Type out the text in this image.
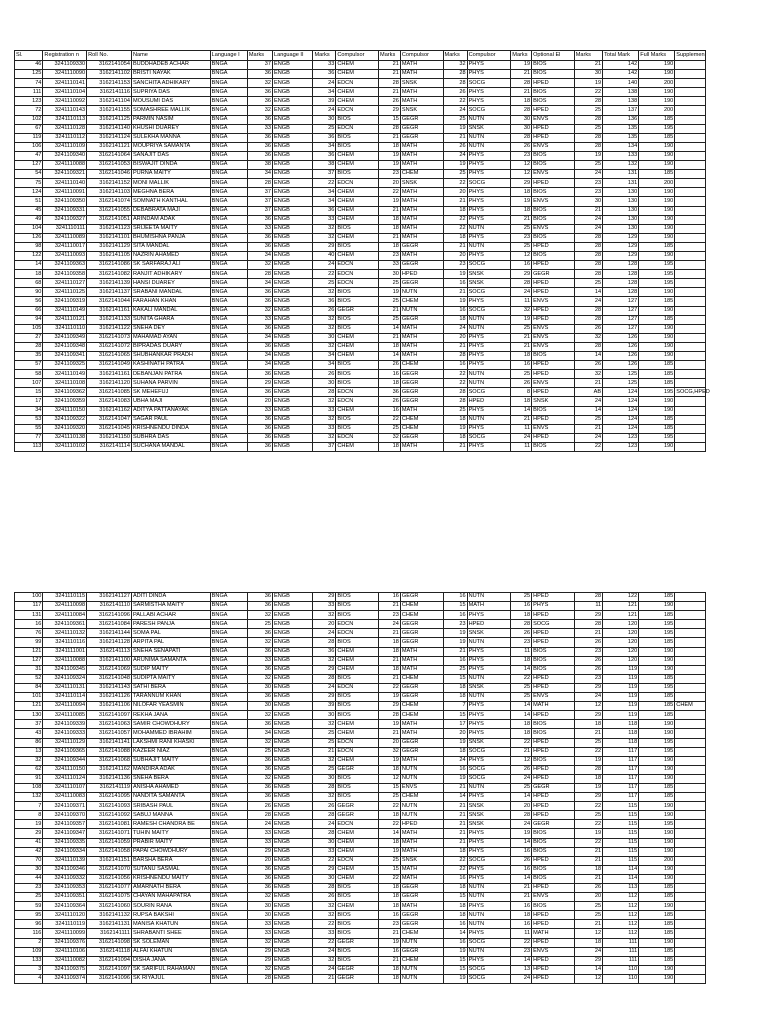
Sl.	Registration n	Roll No.	Name	Language I	Marks	Language II	Marks	Compulsor	Marks	Compulsor	Marks	Compulsor	Marks	Optional El	Marks	Total Mark	Full Marks	Supplemen
46	3241109330	3162141054	BUDDHADEB ACHAR	BNGA	37	ENGB	33	CHEM	21	MATH	32	PHYS	19	BIOS	21	142	190	
125	3241110090	3162141102	BRISTI NAYAK	BNGA	36	ENGB	36	CHEM	21	MATH	28	PHYS	21	BIOS	30	142	190	
74	3241110141	3162141153	SANCHITA ADHIKARY	BNGA	32	ENGB	24	EDCN	28	SNSK	28	SOCG	28	HPED	19	140	200	
111	3241110104	3162141116	SUPRIYA DAS	BNGA	36	ENGB	34	CHEM	21	MATH	26	PHYS	21	BIOS	22	138	190	
123	3241110092	3162141104	MOUSUMI DAS	BNGA	36	ENGB	39	CHEM	26	MATH	22	PHYS	18	BIOS	28	138	190	
72	3241110143	3162141155	SOMASHREE MALLIK	BNGA	32	ENGB	24	EDCN	29	SNSK	24	SOCG	28	HPED	25	137	200	
102	3241110113	3162141125	PARMIN NASIM	BNGA	36	ENGB	30	BIOS	15	GEGR	25	NUTN	30	ENVS	28	136	185	
67	3241110128	3162141140	KHUSHI DUAREY	BNGA	33	ENGB	25	EDCN	28	GEGR	19	SNSK	30	HPED	25	135	195	
119	3241110112	3162141124	SULEKHA MANNA	BNGA	36	ENGB	36	BIOS	21	GEGR	21	NUTN	28	HPED	28	135	185	
106	3241110109	3162141121	MOUPRIYA SAMANTA	BNGA	36	ENGB	34	BIOS	18	MATH	26	NUTN	26	ENVS	28	134	190	
47	3241109340	3162141064	SANAJIT DAS	BNGA	36	ENGB	36	CHEM	19	MATH	24	PHYS	23	BIOS	19	133	190	
127	3241110088	3162141053	BISWAJIT DINDA	BNGA	38	ENGB	38	CHEM	19	MATH	19	PHYS	12	BIOS	25	132	190	
54	3241109321	3162141046	PURNA MAITY	BNGA	34	ENGB	37	BIOS	23	CHEM	25	PHYS	12	ENVS	24	131	185	
75	3241110140	3162141152	MONI MALLIK	BNGA	28	ENGB	22	EDCN	20	SNSK	22	SOCG	29	HPED	23	131	200	
124	3241110091	3162141103	MEGHNA BERA	BNGA	37	ENGB	34	CHEM	22	MATH	20	PHYS	18	BIOS	23	130	190	
51	3241109350	3162141074	SOMNATH KANTHAL	BNGA	37	ENGB	34	CHEM	19	MATH	21	PHYS	19	ENVS	30	130	190	
45	3241109331	3162141055	DEBABRATA MAJI	BNGA	37	ENGB	36	CHEM	21	MATH	18	PHYS	18	BIOS	21	130	190	
49	3241109327	3162141051	ARINDAM ADAK	BNGA	36	ENGB	33	CHEM	18	MATH	22	PHYS	21	BIOS	24	130	190	
104	3241110111	3162141123	SRIJEETA MAITY	BNGA	33	ENGB	32	BIOS	18	MATH	22	NUTN	25	ENVS	24	130	190	
126	3241110089	3162141101	BHUMISHNA PANJA	BNGA	36	ENGB	32	CHEM	21	MATH	18	PHYS	23	BIOS	28	129	190	
98	3241110017	3162141129	SITA MANDAL	BNGA	36	ENGB	29	BIOS	18	GEGR	21	NUTN	25	HPED	28	129	185	
122	3241110093	3162141105	NAZRIN AHAMED	BNGA	34	ENGB	40	CHEM	23	MATH	20	PHYS	12	BIOS	28	129	190	
14	3241109363	3162141086	SK SARFARAJ ALI	BNGA	32	ENGB	24	EDCN	33	GEGR	23	SOCG	16	HPED	28	128	195	
18	3241109358	3162141082	RANJIT ADHIKARY	BNGA	28	ENGB	22	EDCN	30	HPED	19	SNSK	29	GEGR	28	128	195	
68	3241110127	3162141139	HANSI DUAREY	BNGA	34	ENGB	25	EDCN	25	GEGR	16	SNSK	28	HPED	25	128	195	
90	3241110125	3162141137	SRABANI MANDAL	BNGA	36	ENGB	32	BIOS	19	NUTN	21	SOCG	24	HPED	14	128	190	
56	3241109319	3162141044	FARAHAN KHAN	BNGA	36	ENGB	36	BIOS	25	CHEM	19	PHYS	11	ENVS	24	127	185	
66	3241110149	3162141161	KAKALI MANDAL	BNGA	32	ENGB	26	GEGR	21	NUTN	16	SOCG	32	HPED	28	127	190	
94	3241110121	3162141133	SUNITA GHARA	BNGA	33	ENGB	32	BIOS	25	GEGR	18	NUTN	19	HPED	28	127	185	
105	3241110110	3162141122	SNEHA DEY	BNGA	36	ENGB	32	BIOS	14	MATH	24	NUTN	25	ENVS	26	127	190	
27	3241109349	3162141073	MAHAMAD AYAN	BNGA	34	ENGB	30	CHEM	21	MATH	20	PHYS	21	ENVS	32	126	190	
28	3241109348	3162141072	BIPRADAS DUARY	BNGA	36	ENGB	32	CHEM	18	MATH	21	PHYS	21	ENVS	28	126	190	
35	3241109341	3162141065	SHUBHANKAR PRADH	BNGA	34	ENGB	34	CHEM	14	MATH	28	PHYS	18	BIOS	14	126	190	
57	3241109325	3162141049	KASHINATH PATRA	BNGA	34	ENGB	34	BIOS	26	CHEM	16	PHYS	16	HPED	26	126	185	
58	3241110149	3162141161	DEBANJAN PATRA	BNGA	36	ENGB	26	BIOS	16	GEGR	22	NUTN	25	HPED	32	125	185	
107	3241110108	3162141120	SUHANA PARVIN	BNGA	29	ENGB	30	BIOS	18	GEGR	22	NUTN	26	ENVS	21	125	185	
15	3241109362	3162141085	SK MEHEFUJ	BNGA	36	ENGB	28	EDCN	36	GEGR	28	SOCG	8	HPED	AB	124	195	SOCG,HPED
17	3241109359	3162141083	UBHA MAJI	BNGA	20	ENGB	32	EDCN	26	GEGR	28	HPED	18	SNSK	24	124	190	
34	3241110150	3162141162	ADITYA PATTANAYAK	BNGA	33	ENGB	33	CHEM	16	MATH	25	PHYS	14	BIOS	14	124	190	
53	3241109322	3162141047	SAGAR PAUL	BNGA	36	ENGB	32	BIOS	22	CHEM	18	NUTN	21	HPED	25	124	185	
55	3241109320	3162141045	KRISHNENDU DINDA	BNGA	36	ENGB	33	BIOS	25	CHEM	19	PHYS	11	ENVS	21	124	185	
77	3241110138	3162141150	SUBHRA DAS	BNGA	36	ENGB	32	EDCN	32	GEGR	18	SOCG	24	HPED	24	123	195	
113	3241110102	3162141114	SUCHANA MANDAL	BNGA	36	ENGB	37	CHEM	18	MATH	21	PHYS	11	BIOS	22	123	190	
100	3241110115	3162141127	ADITI DINDA	BNGA	36	ENGB	29	BIOS	16	GEGR	16	NUTN	25	HPED	28	122	185	
117	3241110098	3162141110	SARMISTHA MAITY	BNGA	36	ENGB	33	BIOS	21	CHEM	15	MATH	16	PHYS	11	121	190	
131	3241110084	3162141096	PALLABI ACHAR	BNGA	32	ENGB	32	BIOS	23	CHEM	16	PHYS	18	HPED	29	121	185	
16	3241109361	3162141084	PARESH PANJA	BNGA	25	ENGB	20	EDCN	24	GEGR	23	HPED	28	SOCG	28	120	195	
76	3241110132	3162141144	SOMA PAL	BNGA	36	ENGB	24	EDCN	21	GEGR	19	SNSK	26	HPED	21	120	195	
99	3241110116	3162141128	ARPITA PAL	BNGA	32	ENGB	28	BIOS	18	GEGR	19	NUTN	23	HPED	26	120	185	
121	3241111001	3162141113	SNEHA SENAPATI	BNGA	36	ENGB	36	CHEM	18	MATH	21	PHYS	11	BIOS	23	120	190	
127	3241110088	3162141100	ARUNIMA SAMANTA	BNGA	33	ENGB	32	CHEM	21	MATH	16	PHYS	18	BIOS	26	120	190	
31	3241109345	3162141069	SUDIP MAITY	BNGA	36	ENGB	29	CHEM	18	MATH	25	PHYS	14	BIOS	26	119	190	
52	3241109324	3162141048	SUDIPTA MAITY	BNGA	32	ENGB	28	BIOS	21	CHEM	15	NUTN	22	HPED	23	119	185	
84	3241110131	3162141143	SATHI BERA	BNGA	30	ENGB	24	EDCN	22	GEGR	18	SNSK	25	HPED	29	119	195	
101	3241110114	3162141126	TARANNUM KHAN	BNGA	36	ENGB	29	BIOS	19	GEGR	18	NUTN	25	ENVS	24	119	185	
121	3241110094	3162141106	NILOFAR YEASMIN	BNGA	30	ENGB	39	BIOS	29	CHEM	7	PHYS	14	MATH	12	119	185	CHEM
130	3241110085	3162141097	REKHA JANA	BNGA	32	ENGB	30	BIOS	28	CHEM	15	PHYS	14	HPED	29	119	185	
37	3241109339	3162141063	SAMIR CHOWDHURY	BNGA	36	ENGB	32	CHEM	19	MATH	17	PHYS	18	BIOS	18	118	190	
43	3241109333	3162141057	MOHAMMED IBRAHIM	BNGA	34	ENGB	25	CHEM	21	MATH	20	PHYS	18	BIOS	21	118	190	
86	3241110129	3162141141	LAKSHMI RANI KHASKI	BNGA	32	ENGB	25	EDCN	20	GEGR	19	SNSK	22	HPED	25	118	195	
13	3241109365	3162141088	KAZEER NIAZ	BNGA	25	ENGB	21	EDCN	32	GEGR	18	SOCG	21	HPED	22	117	195	
32	3241109344	3162141068	SUBHAJIT MAITY	BNGA	36	ENGB	32	CHEM	19	MATH	24	PHYS	12	BIOS	19	117	190	
62	3241110150	3162141162	MANDIRA ADAK	BNGA	36	ENGB	25	GEGR	18	NUTN	16	SOCG	26	HPED	28	117	190	
91	3241110124	3162141136	SNEHA BERA	BNGA	32	ENGB	30	BIOS	12	NUTN	19	SOCG	24	HPED	18	117	190	
108	3241110107	3162141119	ANISHA AHAMED	BNGA	36	ENGB	28	BIOS	15	ENVS	21	NUTN	25	GEGR	19	117	185	
132	3241110083	3162141095	NANDITA SAMANTA	BNGA	36	ENGB	32	BIOS	25	CHEM	14	PHYS	14	HPED	29	117	185	
7	3241109371	3162141093	SRIBASH PAUL	BNGA	26	ENGB	26	GEGR	22	NUTN	21	SNSK	20	HPED	22	115	190	
8	3241109370	3162141092	SABUJ MANNA	BNGA	28	ENGB	28	GEGR	18	NUTN	21	SNSK	28	HPED	25	115	190	
19	3241109357	3162141081	RAMESH CHANDRA BE	BNGA	24	ENGB	24	EDCN	22	HPED	21	SNSK	24	GEGR	22	115	195	
29	3241109347	3162141071	TUHIN MAITY	BNGA	33	ENGB	28	CHEM	14	MATH	21	PHYS	19	BIOS	19	115	190	
41	3241109335	3162141059	PRABIR MAITY	BNGA	33	ENGB	30	CHEM	18	MATH	21	PHYS	14	BIOS	22	115	190	
42	3241109334	3162141058	PAPAI CHOWDHURY	BNGA	29	ENGB	33	CHEM	19	MATH	18	PHYS	16	BIOS	21	115	190	
70	3241110139	3162141151	BARSHA BERA	BNGA	20	ENGB	22	EDCN	25	SNSK	22	SOCG	26	HPED	21	115	200	
30	3241109346	3162141070	SUTANU SASMAL	BNGA	36	ENGB	29	CHEM	15	MATH	22	PHYS	16	BIOS	18	114	190	
44	3241109332	3162141056	KRISHNENDU MAITY	BNGA	36	ENGB	30	CHEM	22	MATH	16	PHYS	14	BIOS	21	114	190	
23	3241109353	3162141077	AMARNATH BERA	BNGA	36	ENGB	28	BIOS	18	GEGR	18	NUTN	21	HPED	26	113	185	
25	3241109351	3162141075	CHAYAN MAHAPATRA	BNGA	32	ENGB	26	BIOS	18	GEGR	15	NUTN	21	ENVS	20	112	185	
59	3241109364	3162141060	SOURIN RANA	BNGA	30	ENGB	32	CHEM	18	MATH	18	PHYS	16	BIOS	25	112	190	
95	3241110120	3162141132	RUPSA BAKSHI	BNGA	30	ENGB	32	BIOS	16	GEGR	18	NUTN	18	HPED	25	112	185	
96	3241110119	3162141131	MANISA KHATUN	BNGA	33	ENGB	22	BIOS	23	GEGR	16	NUTN	16	HPED	21	112	185	
116	3241110099	3162141111	SHRABANTI SHEE	BNGA	33	ENGB	33	BIOS	21	CHEM	14	PHYS	11	MATH	12	112	185	
2	3241109376	3162141098	SK SOLEMAN	BNGA	32	ENGB	22	GEGR	19	NUTN	16	SOCG	22	HPED	18	111	190	
109	3241110106	3162141118	ALFAI KHATUN	BNGA	29	ENGB	24	BIOS	16	GEGR	19	NUTN	23	ENVS	24	111	185	
133	3241110082	3162141094	DISHA JANA	BNGA	29	ENGB	32	BIOS	21	CHEM	15	PHYS	14	HPED	29	111	185	
3	3241109375	3162141097	SK SARIFUL RAHAMAN	BNGA	32	ENGB	24	GEGR	18	NUTN	15	SOCG	13	HPED	14	110	190	
4	3241109374	3162141096	SK RIYAJUL	BNGA	28	ENGB	21	GEGR	18	NUTN	19	SOCG	24	HPED	12	110	190	
